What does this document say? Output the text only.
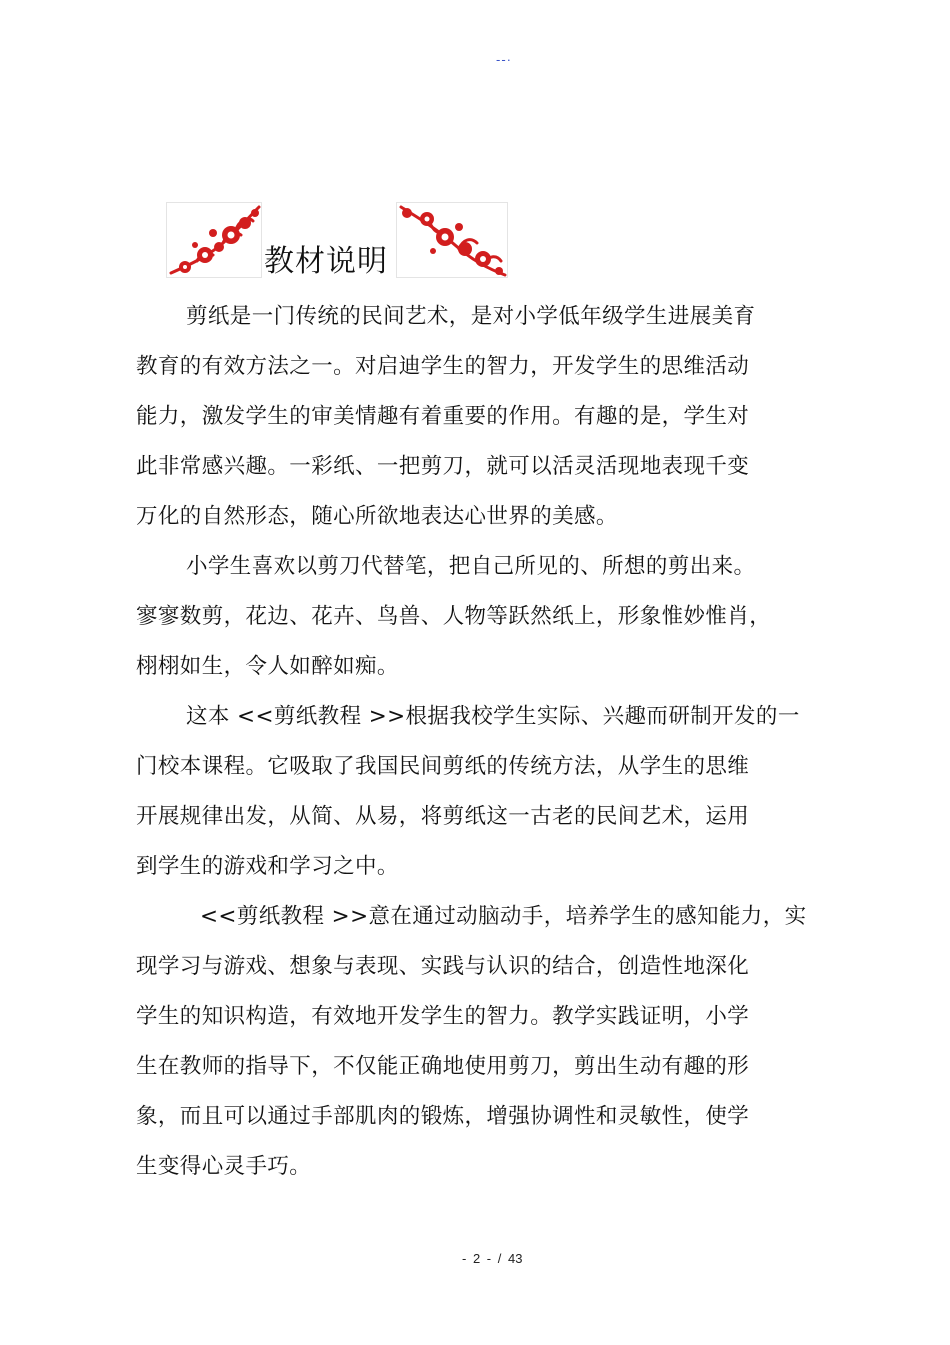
--·
教材说明
剪纸是一门传统的民间艺术，是对小学低年级学生进展美育
教育的有效方法之一。对启迪学生的智力，开发学生的思维活动
能力，激发学生的审美情趣有着重要的作用。有趣的是，学生对
此非常感兴趣。一彩纸、一把剪刀，就可以活灵活现地表现千变
万化的自然形态，随心所欲地表达心世界的美感。
小学生喜欢以剪刀代替笔，把自己所见的、所想的剪出来。
寥寥数剪，花边、花卉、鸟兽、人物等跃然纸上，形象惟妙惟肖，
栩栩如生，令人如醉如痴。
这本 <<剪纸教程 >>根据我校学生实际、兴趣而研制开发的一
门校本课程。它吸取了我国民间剪纸的传统方法，从学生的思维
开展规律出发，从简、从易，将剪纸这一古老的民间艺术，运用
到学生的游戏和学习之中。
<<剪纸教程 >>意在通过动脑动手，培养学生的感知能力，实
现学习与游戏、想象与表现、实践与认识的结合，创造性地深化
学生的知识构造，有效地开发学生的智力。教学实践证明，小学
生在教师的指导下，不仅能正确地使用剪刀，剪出生动有趣的形
象，而且可以通过手部肌肉的锻炼，增强协调性和灵敏性，使学
生变得心灵手巧。
- 2 - / 43
